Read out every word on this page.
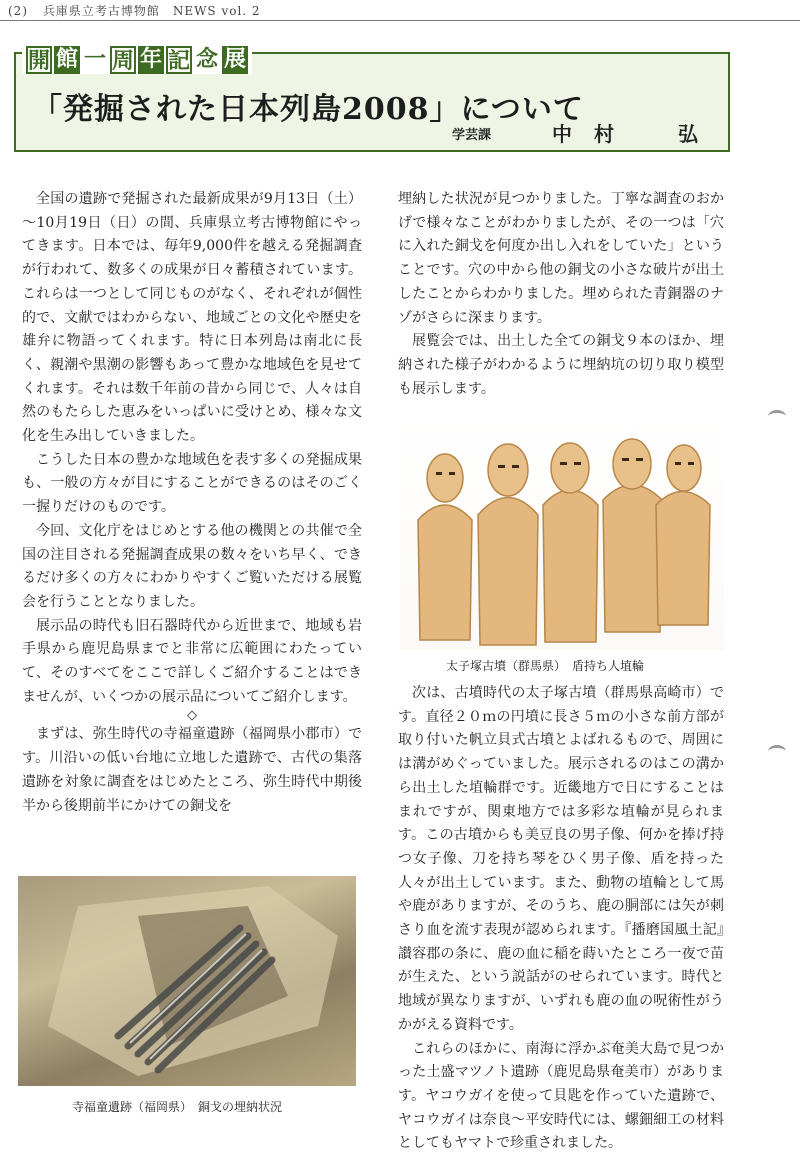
(2) 兵庫県立考古博物館　NEWS vol. 2
開 館 一 周 年 記 念 展
「発掘された日本列島2008」について
学芸課	中村　弘

全国の遺跡で発掘された最新成果が9月13日（土）～10月19日（日）の間、兵庫県立考古博物館にやってきます。日本では、毎年9,000件を越える発掘調査が行われて、数多くの成果が日々蓄積されています。これらは一つとして同じものがなく、それぞれが個性的で、文献ではわからない、地域ごとの文化や歴史を雄弁に物語ってくれます。特に日本列島は南北に長く、親潮や黒潮の影響もあって豊かな地域色を見せてくれます。それは数千年前の昔から同じで、人々は自然のもたらした恵みをいっぱいに受けとめ、様々な文化を生み出していきました。

こうした日本の豊かな地域色を表す多くの発掘成果も、一般の方々が目にすることができるのはそのごく一握りだけのものです。

今回、文化庁をはじめとする他の機関との共催で全国の注目される発掘調査成果の数々をいち早く、できるだけ多くの方々にわかりやすくご覧いただける展覧会を行うこととなりました。

展示品の時代も旧石器時代から近世まで、地域も岩手県から鹿児島県までと非常に広範囲にわたっていて、そのすべてをここで詳しくご紹介することはできませんが、いくつかの展示品についてご紹介します。

◇

まずは、弥生時代の寺福童遺跡（福岡県小郡市）です。川沿いの低い台地に立地した遺跡で、古代の集落遺跡を対象に調査をはじめたところ、弥生時代中期後半から後期前半にかけての銅戈を

寺福童遺跡（福岡県）　銅戈の埋納状況

埋納した状況が見つかりました。丁寧な調査のおかげで様々なことがわかりましたが、その一つは「穴に入れた銅戈を何度か出し入れをしていた」ということです。穴の中から他の銅戈の小さな破片が出土したことからわかりました。埋められた青銅器のナゾがさらに深まります。

展覧会では、出土した全ての銅戈９本のほか、埋納された様子がわかるように埋納坑の切り取り模型も展示します。

太子塚古墳（群馬県）　盾持ち人埴輪

次は、古墳時代の太子塚古墳（群馬県高崎市）です。直径２０ｍの円墳に長さ５ｍの小さな前方部が取り付いた帆立貝式古墳とよばれるもので、周囲には溝がめぐっていました。展示されるのはこの溝から出土した埴輪群です。近畿地方で日にすることはまれですが、関東地方では多彩な埴輪が見られます。この古墳からも美豆良の男子像、何かを捧げ持つ女子像、刀を持ち琴をひく男子像、盾を持った人々が出土しています。また、動物の埴輪として馬や鹿がありますが、そのうち、鹿の胴部には矢が刺さり血を流す表現が認められます。『播磨国風土記』讃容郡の条に、鹿の血に稲を蒔いたところ一夜で苗が生えた、という説話がのせられています。時代と地域が異なりますが、いずれも鹿の血の呪術性がうかがえる資料です。

これらのほかに、南海に浮かぶ奄美大島で見つかった土盛マツノト遺跡（鹿児島県奄美市）があります。ヤコウガイを使って貝匙を作っていた遺跡で、ヤコウガイは奈良～平安時代には、螺鈿細工の材料としてもヤマトで珍重されました。
